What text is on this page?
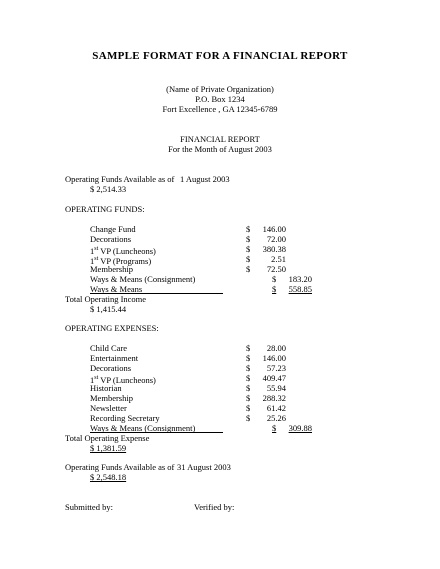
SAMPLE FORMAT FOR A FINANCIAL REPORT
(Name of Private Organization)
P.O. Box 1234
Fort Excellence , GA 12345-6789
FINANCIAL REPORT
For the Month of August 2003
Operating Funds Available as of 1 August 2003
$ 2,514.33
OPERATING FUNDS:
Change Fund	$	146.00
Decorations	$	72.00
1st VP (Luncheons)	$	380.38
1st VP (Programs)	$	2.51
Membership	$	72.50
Ways & Means (Consignment)	$	183.20
Ways & Means	$	558.85
Total Operating Income
$ 1,415.44
OPERATING EXPENSES:
Child Care	$	28.00
Entertainment	$	146.00
Decorations	$	57.23
1st VP (Luncheons)	$	409.47
Historian	$	55.94
Membership	$	288.32
Newsletter	$	61.42
Recording Secretary	$	25.26
Ways & Means (Consignment)	$	309.88
Total Operating Expense
$ 1,381.59
Operating Funds Available as of 31 August 2003
$ 2,548.18
Submitted by:	Verified by:
